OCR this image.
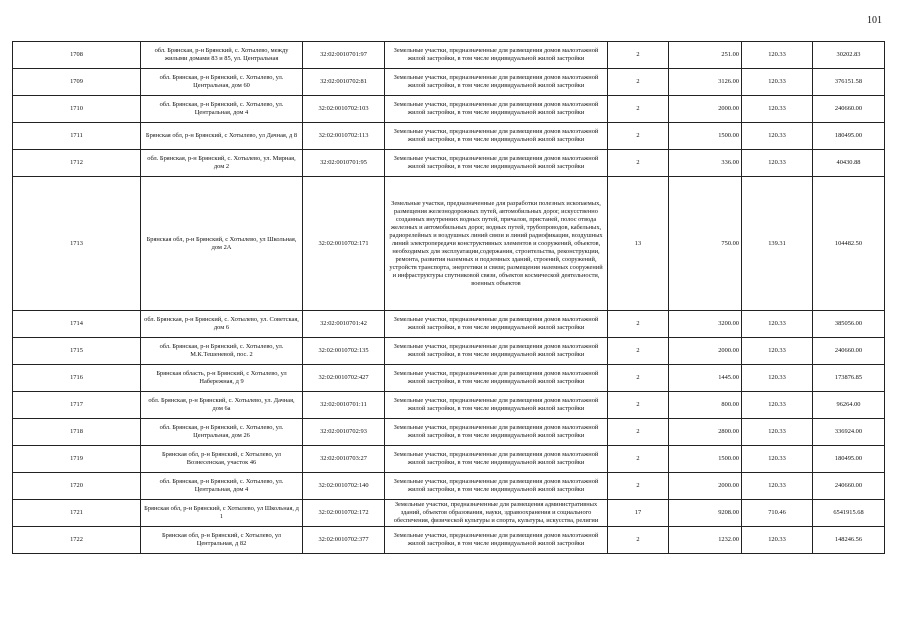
101
1708	обл. Брянская, р-н Брянский, с. Хотылево, между жилыми домами 83 и 85, ул. Центральная	32:02:0010701:97	Земельные участки, предназначенные для размещения домов малоэтажной жилой застройки, в том числе индивидуальной жилой застройки	2	251.00	120.33	30202.83
1709	обл. Брянская, р-н Брянский, с. Хотылево, ул. Центральная, дом 60	32:02:0010702:81	Земельные участки, предназначенные для размещения домов малоэтажной жилой застройки, в том числе индивидуальной жилой застройки	2	3126.00	120.33	376151.58
1710	обл. Брянская, р-н Брянский, с. Хотылево, ул. Центральная, дом 4	32:02:0010702:103	Земельные участки, предназначенные для размещения домов малоэтажной жилой застройки, в том числе индивидуальной жилой застройки	2	2000.00	120.33	240660.00
1711	Брянская обл, р-н Брянский, с Хотылево, ул Дачная, д 8	32:02:0010702:113	Земельные участки, предназначенные для размещения домов малоэтажной жилой застройки, в том числе индивидуальной жилой застройки	2	1500.00	120.33	180495.00
1712	обл. Брянская, р-н Брянский, с. Хотылево, ул. Мирная, дом 2	32:02:0010701:95	Земельные участки, предназначенные для размещения домов малоэтажной жилой застройки, в том числе индивидуальной жилой застройки	2	336.00	120.33	40430.88
1713	Брянская обл, р-н Брянский, с Хотылево, ул Школьная, дом 2А	32:02:0010702:171	Земельные участки, предназначенные для разработки полезных ископаемых, размещения железнодорожных путей, автомобильных дорог, искусственно созданных внутренних водных путей, причалов, пристаней, полос отвода железных и автомобильных дорог, водных путей, трубопроводов, кабельных, радиорелейных и воздушных линий связи и линий радиофикации, воздушных линий электропередачи конструктивных элементов и сооружений, объектов, необходимых для эксплуатации,содержания, строительства, реконструкции, ремонта, развития наземных и подземных зданий, строений, сооружений, устройств транспорта, энергетики и связи; размещения наземных сооружений и инфраструктуры спутниковой связи, объектов космической деятельности, военных объектов	13	750.00	139.31	104482.50
1714	обл. Брянская, р-н Брянский, с. Хотылево, ул. Советская, дом 6	32:02:0010701:42	Земельные участки, предназначенные для размещения домов малоэтажной жилой застройки, в том числе индивидуальной жилой застройки	2	3200.00	120.33	385056.00
1715	обл. Брянская, р-н Брянский, с. Хотылево, ул. М.К.Тешеневой, пос. 2	32:02:0010702:135	Земельные участки, предназначенные для размещения домов малоэтажной жилой застройки, в том числе индивидуальной жилой застройки	2	2000.00	120.33	240660.00
1716	Брянская область, р-н Брянский, с Хотылево, ул Набережная, д 9	32:02:0010702:427	Земельные участки, предназначенные для размещения домов малоэтажной жилой застройки, в том числе индивидуальной жилой застройки	2	1445.00	120.33	173876.85
1717	обл. Брянская, р-н Брянский, с. Хотылево, ул. Дачная, дом 6а	32:02:0010701:11	Земельные участки, предназначенные для размещения домов малоэтажной жилой застройки, в том числе индивидуальной жилой застройки	2	800.00	120.33	96264.00
1718	обл. Брянская, р-н Брянский, с. Хотылево, ул. Центральная, дом 26	32:02:0010702:93	Земельные участки, предназначенные для размещения домов малоэтажной жилой застройки, в том числе индивидуальной жилой застройки	2	2800.00	120.33	336924.00
1719	Брянская обл, р-н Брянский, с Хотылево, ул Вознесенская, участок 46	32:02:0010703:27	Земельные участки, предназначенные для размещения домов малоэтажной жилой застройки, в том числе индивидуальной жилой застройки	2	1500.00	120.33	180495.00
1720	обл. Брянская, р-н Брянский, с. Хотылево, ул. Центральная, дом 4	32:02:0010702:140	Земельные участки, предназначенные для размещения домов малоэтажной жилой застройки, в том числе индивидуальной жилой застройки	2	2000.00	120.33	240660.00
1721	Брянская обл, р-н Брянский, с Хотылево, ул Школьная, д 1	32:02:0010702:172	Земельные участки, предназначенные для размещения административных зданий, объектов образования, науки, здравоохранения и социального обеспечения, физической культуры и спорта, культуры, искусства, религии	17	9208.00	710.46	6541915.68
1722	Брянская обл, р-н Брянский, с Хотылево, ул Центральная, д 82	32:02:0010702:377	Земельные участки, предназначенные для размещения домов малоэтажной жилой застройки, в том числе индивидуальной жилой застройки	2	1232.00	120.33	148246.56
